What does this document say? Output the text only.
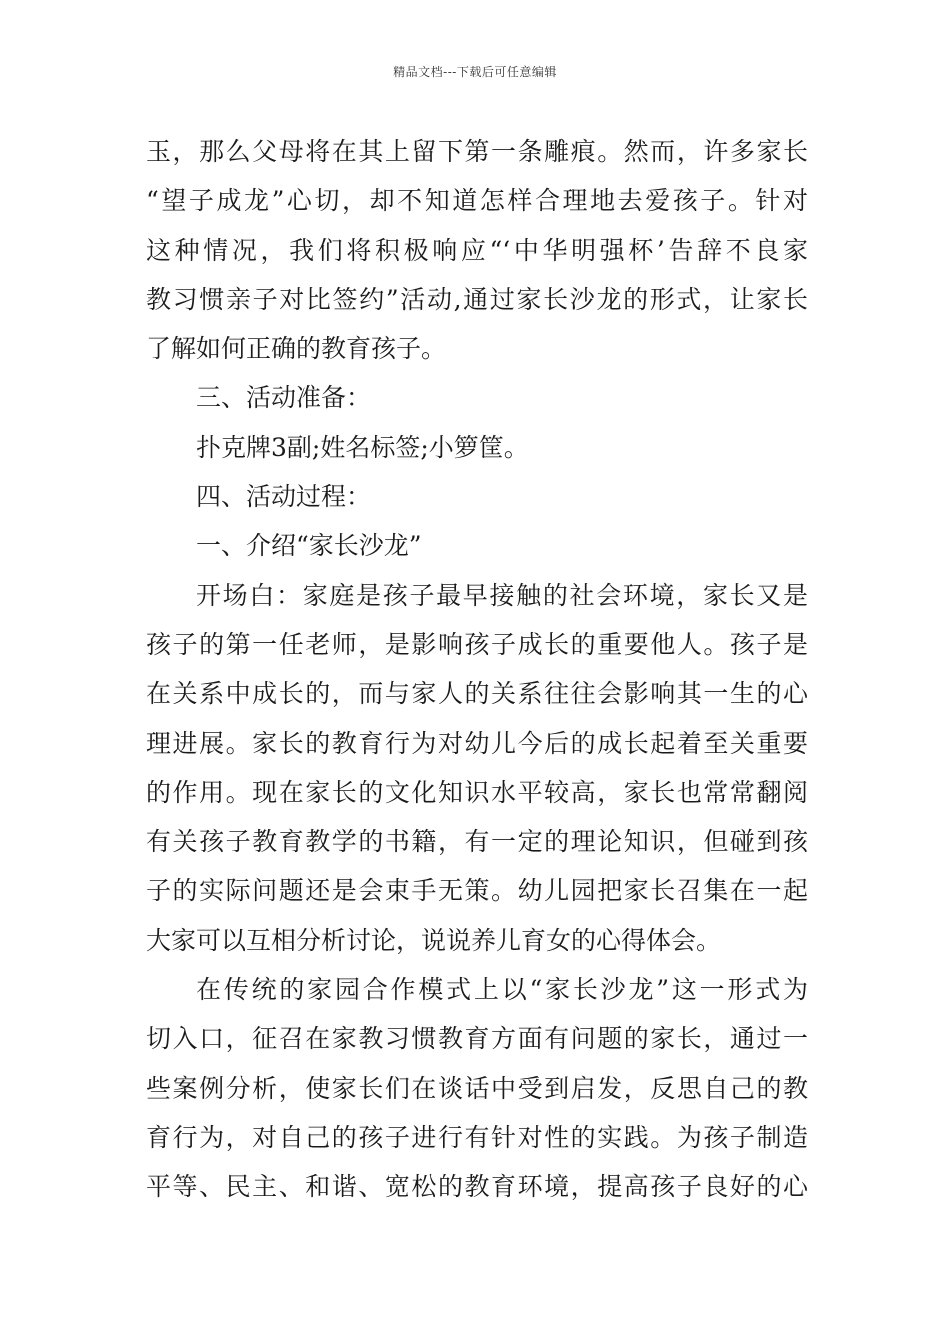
精品文档---下载后可任意编辑
玉，那么父母将在其上留下第一条雕痕。然而，许多家长
“望子成龙”心切，却不知道怎样合理地去爱孩子。针对
这种情况，我们将积极响应“‘中华明强杯’告辞不良家
教习惯亲子对比签约”活动,通过家长沙龙的形式，让家长
了解如何正确的教育孩子。
三、活动准备：
扑克牌3副;姓名标签;小箩筐。
四、活动过程：
一、介绍“家长沙龙”
开场白：家庭是孩子最早接触的社会环境，家长又是
孩子的第一任老师，是影响孩子成长的重要他人。孩子是
在关系中成长的，而与家人的关系往往会影响其一生的心
理进展。家长的教育行为对幼儿今后的成长起着至关重要
的作用。现在家长的文化知识水平较高，家长也常常翻阅
有关孩子教育教学的书籍，有一定的理论知识，但碰到孩
子的实际问题还是会束手无策。幼儿园把家长召集在一起
大家可以互相分析讨论，说说养儿育女的心得体会。
在传统的家园合作模式上以“家长沙龙”这一形式为
切入口，征召在家教习惯教育方面有问题的家长，通过一
些案例分析，使家长们在谈话中受到启发，反思自己的教
育行为，对自己的孩子进行有针对性的实践。为孩子制造
平等、民主、和谐、宽松的教育环境，提高孩子良好的心
